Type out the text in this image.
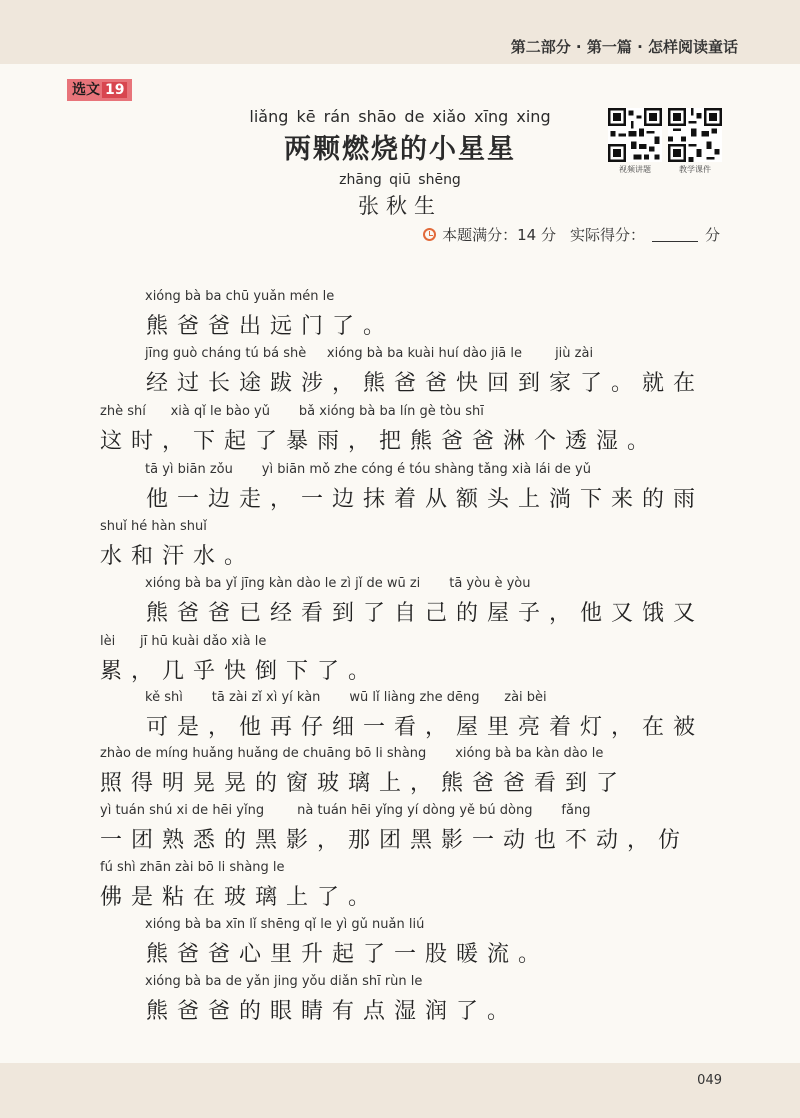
第二部分 · 第一篇 · 怎样阅读童话
选文 19
liǎng kē rán shāo de xiǎo xīng xing
两颗燃烧的小星星
zhāng qiū shēng
张秋生
视频讲题	教学课件
本题满分：14 分 实际得分：	分
xióng bà ba chū yuǎn mén le
熊爸爸出远门了。
jīng guò cháng tú bá shè     xióng bà ba kuài huí dào jiā le        jiù zài
经过长途跋涉，熊爸爸快回到家了。就在
zhè shí      xià qǐ le bào yǔ       bǎ xióng bà ba lín gè tòu shī
这时，下起了暴雨，把熊爸爸淋个透湿。
tā yì biān zǒu       yì biān mǒ zhe cóng é tóu shàng tǎng xià lái de yǔ
他一边走，一边抹着从额头上淌下来的雨
shuǐ hé hàn shuǐ
水和汗水。
xióng bà ba yǐ jīng kàn dào le zì jǐ de wū zi       tā yòu è yòu
熊爸爸已经看到了自己的屋子，他又饿又
lèi      jī hū kuài dǎo xià le
累，几乎快倒下了。
kě shì       tā zài zǐ xì yí kàn       wū lǐ liàng zhe dēng      zài bèi
可是，他再仔细一看，屋里亮着灯，在被
zhào de míng huǎng huǎng de chuāng bō li shàng       xióng bà ba kàn dào le
照得明晃晃的窗玻璃上，熊爸爸看到了
yì tuán shú xi de hēi yǐng        nà tuán hēi yǐng yí dòng yě bú dòng       fǎng
一团熟悉的黑影，那团黑影一动也不动，仿
fú shì zhān zài bō li shàng le
佛是粘在玻璃上了。
xióng bà ba xīn lǐ shēng qǐ le yì gǔ nuǎn liú
熊爸爸心里升起了一股暖流。
xióng bà ba de yǎn jing yǒu diǎn shī rùn le
熊爸爸的眼睛有点湿润了。
049
